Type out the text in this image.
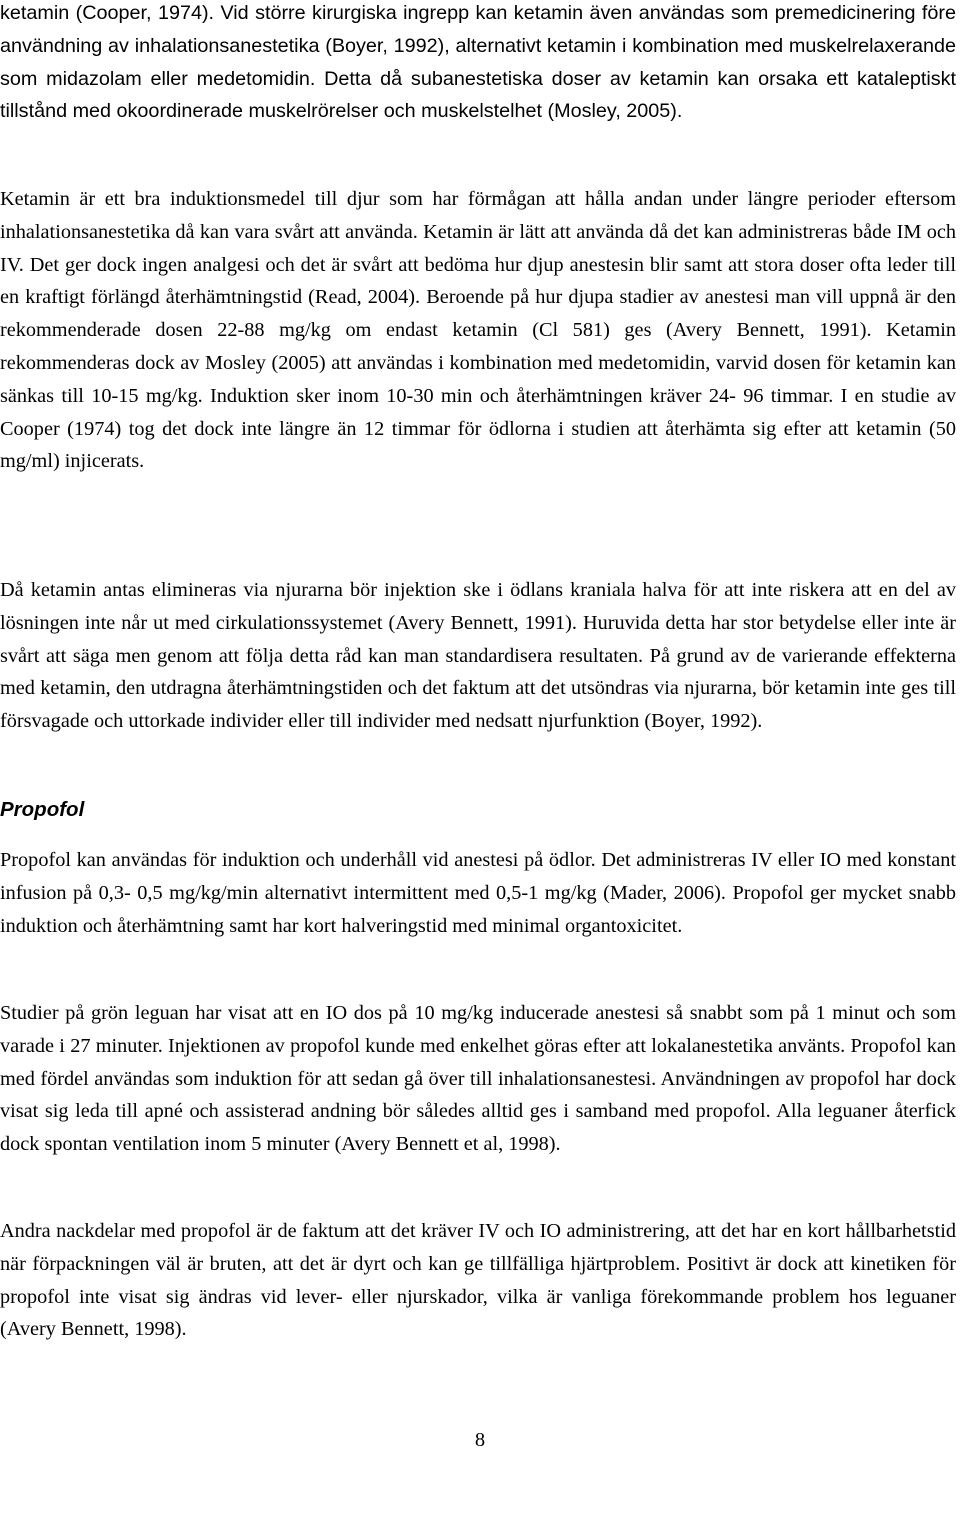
ketamin (Cooper, 1974). Vid större kirurgiska ingrepp kan ketamin även användas som premedicinering före användning av inhalationsanestetika (Boyer, 1992), alternativt ketamin i kombination med muskelrelaxerande som midazolam eller medetomidin. Detta då subanestetiska doser av ketamin kan orsaka ett kataleptiskt tillstånd med okoordinerade muskelrörelser och muskelstelhet (Mosley, 2005).

Ketamin är ett bra induktionsmedel till djur som har förmågan att hålla andan under längre perioder eftersom inhalationsanestetika då kan vara svårt att använda. Ketamin är lätt att använda då det kan administreras både IM och IV. Det ger dock ingen analgesi och det är svårt att bedöma hur djup anestesin blir samt att stora doser ofta leder till en kraftigt förlängd återhämtningstid (Read, 2004). Beroende på hur djupa stadier av anestesi man vill uppnå är den rekommenderade dosen 22-88 mg/kg om endast ketamin (Cl 581) ges (Avery Bennett, 1991). Ketamin rekommenderas dock av Mosley (2005) att användas i kombination med medetomidin, varvid dosen för ketamin kan sänkas till 10-15 mg/kg. Induktion sker inom 10-30 min och återhämtningen kräver 24- 96 timmar. I en studie av Cooper (1974) tog det dock inte längre än 12 timmar för ödlorna i studien att återhämta sig efter att ketamin (50 mg/ml) injicerats.

Då ketamin antas elimineras via njurarna bör injektion ske i ödlans kraniala halva för att inte riskera att en del av lösningen inte når ut med cirkulationssystemet (Avery Bennett, 1991). Huruvida detta har stor betydelse eller inte är svårt att säga men genom att följa detta råd kan man standardisera resultaten. På grund av de varierande effekterna med ketamin, den utdragna återhämtningstiden och det faktum att det utsöndras via njurarna, bör ketamin inte ges till försvagade och uttorkade individer eller till individer med nedsatt njurfunktion (Boyer, 1992).

Propofol

Propofol kan användas för induktion och underhåll vid anestesi på ödlor. Det administreras IV eller IO med konstant infusion på 0,3- 0,5 mg/kg/min alternativt intermittent med 0,5-1 mg/kg (Mader, 2006). Propofol ger mycket snabb induktion och återhämtning samt har kort halveringstid med minimal organtoxicitet.

Studier på grön leguan har visat att en IO dos på 10 mg/kg inducerade anestesi så snabbt som på 1 minut och som varade i 27 minuter. Injektionen av propofol kunde med enkelhet göras efter att lokalanestetika använts. Propofol kan med fördel användas som induktion för att sedan gå över till inhalationsanestesi. Användningen av propofol har dock visat sig leda till apné och assisterad andning bör således alltid ges i samband med propofol. Alla leguaner återfick dock spontan ventilation inom 5 minuter (Avery Bennett et al, 1998).

Andra nackdelar med propofol är de faktum att det kräver IV och IO administrering, att det har en kort hållbarhetstid när förpackningen väl är bruten, att det är dyrt och kan ge tillfälliga hjärtproblem. Positivt är dock att kinetiken för propofol inte visat sig ändras vid lever- eller njurskador, vilka är vanliga förekommande problem hos leguaner (Avery Bennett, 1998).

8
